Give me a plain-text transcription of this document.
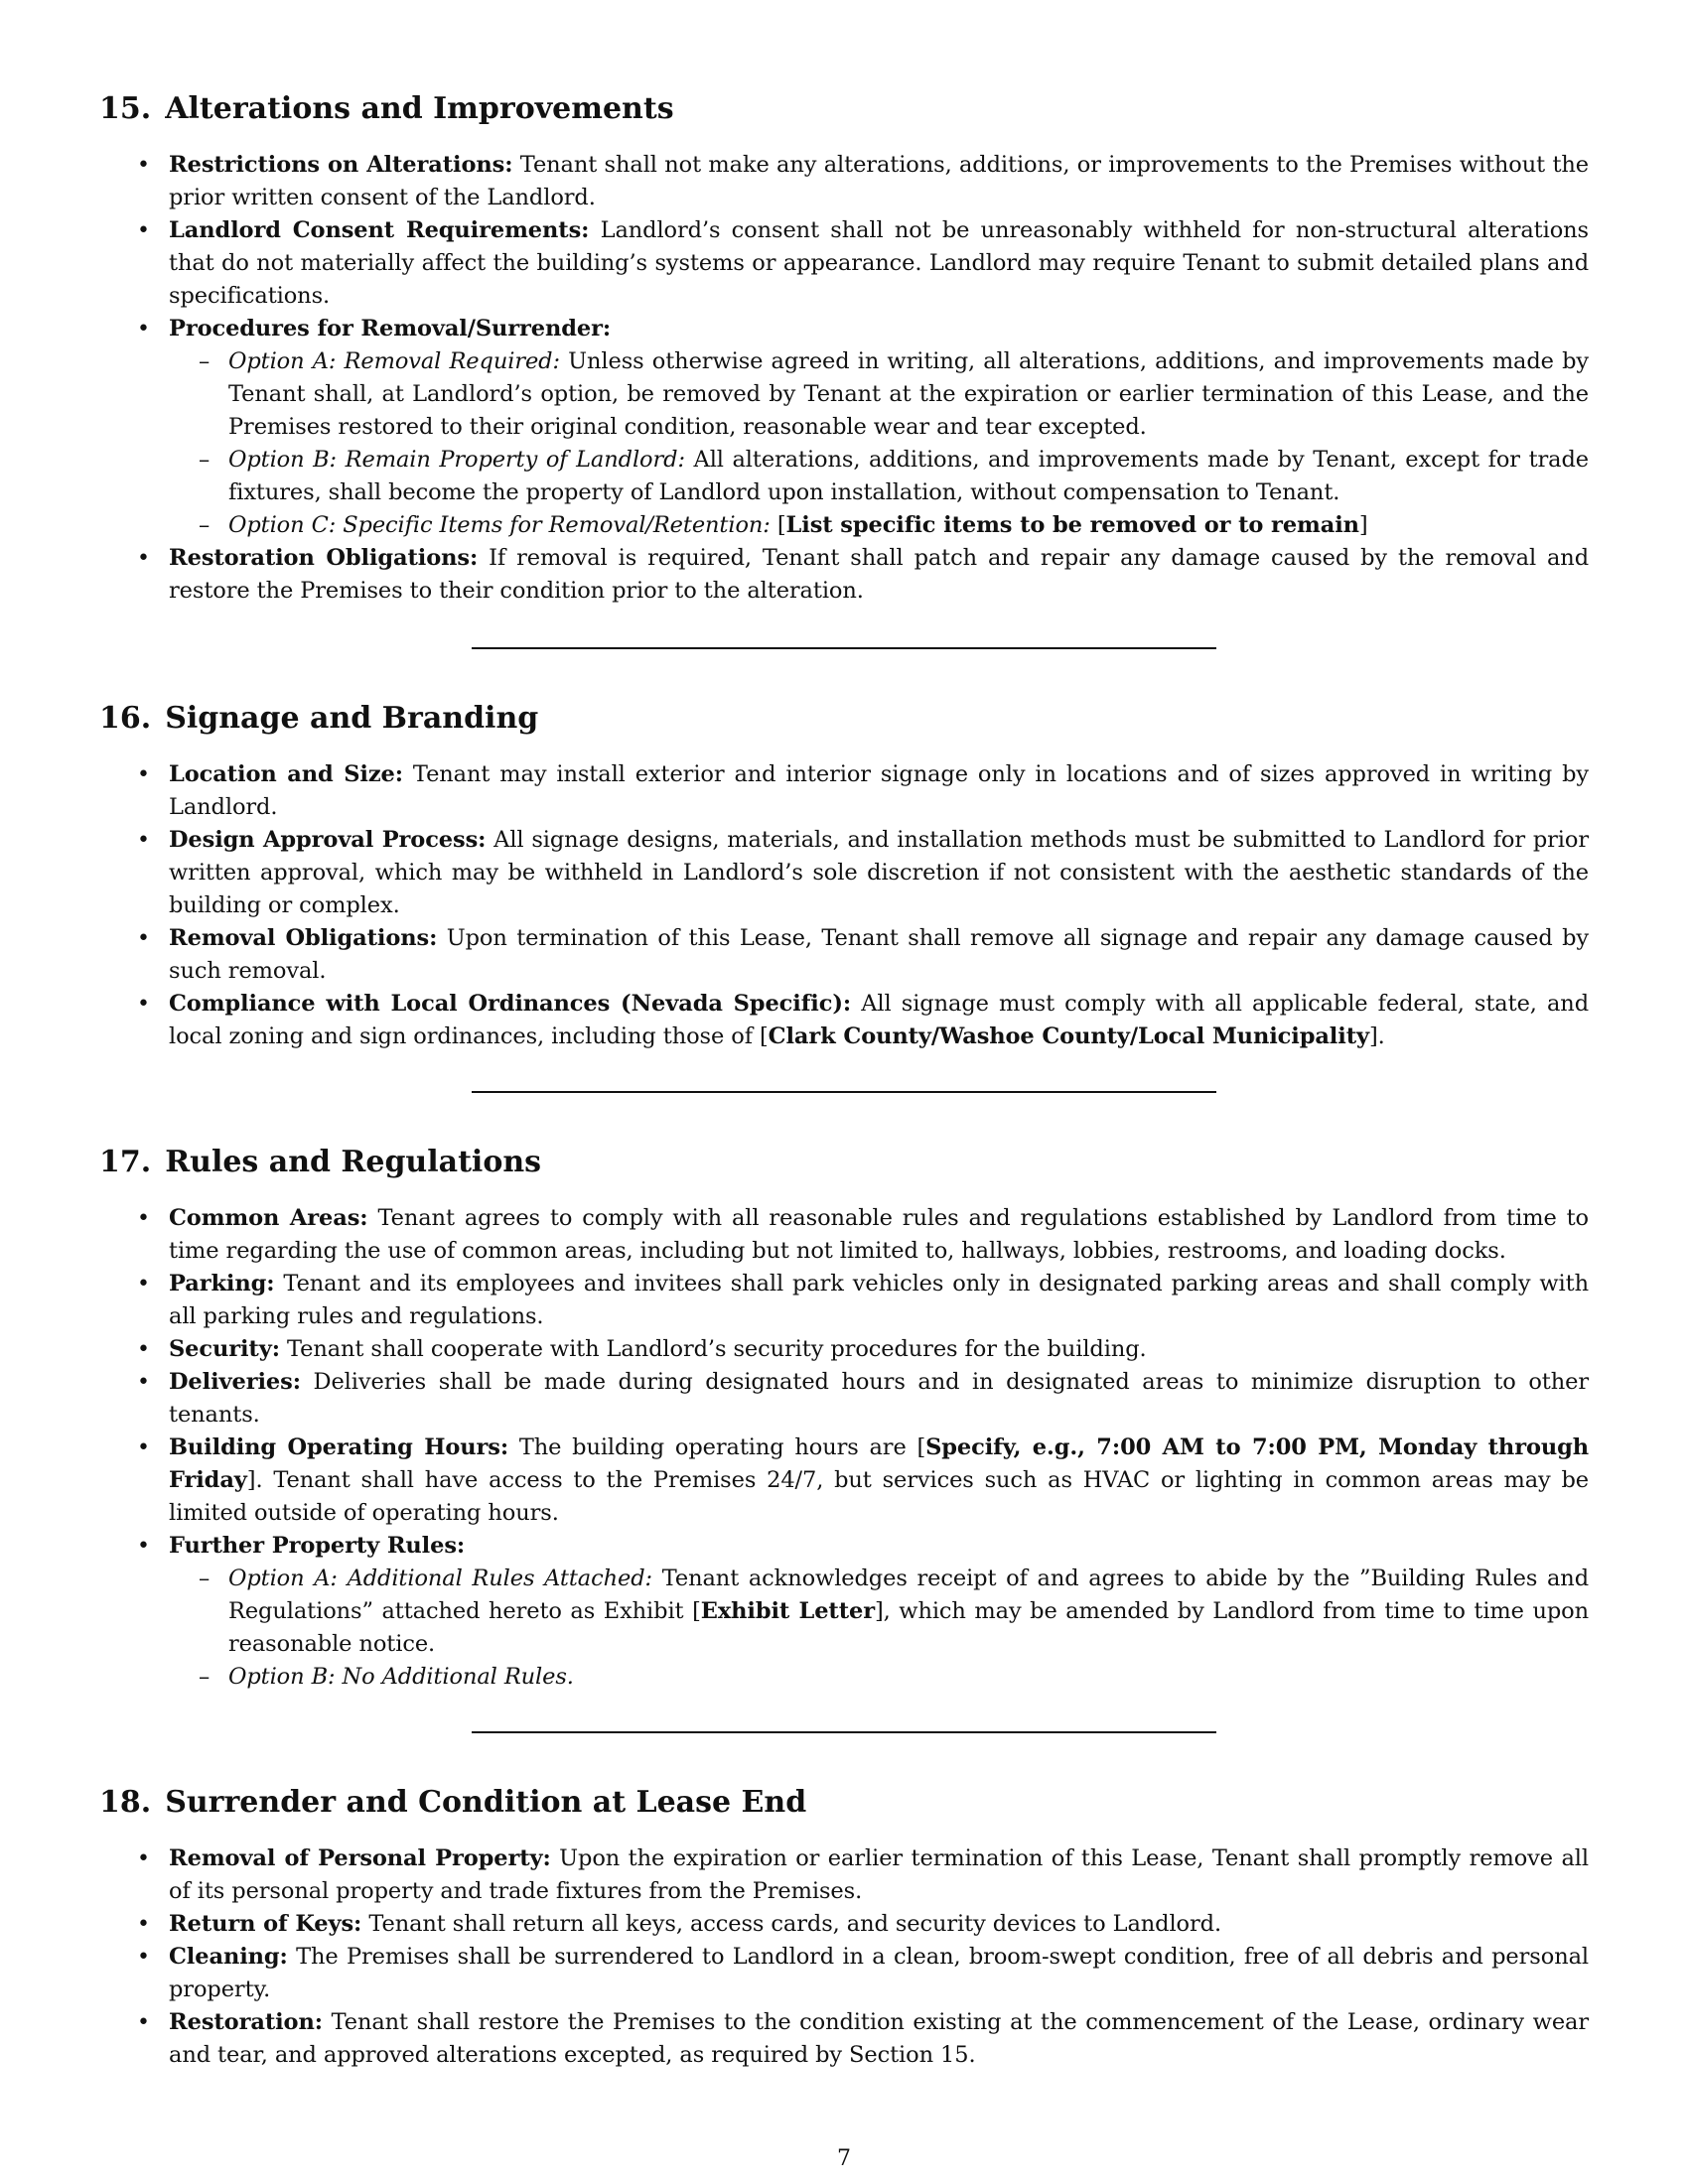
15. Alterations and Improvements
• Restrictions on Alterations: Tenant shall not make any alterations, additions, or improvements to the Premises without the prior written consent of the Landlord.
• Landlord Consent Requirements: Landlord’s consent shall not be unreasonably withheld for non-structural alterations that do not materially affect the building’s systems or appearance. Landlord may require Tenant to submit detailed plans and specifications.
• Procedures for Removal/Surrender:
– Option A: Removal Required: Unless otherwise agreed in writing, all alterations, additions, and improvements made by Tenant shall, at Landlord’s option, be removed by Tenant at the expiration or earlier termination of this Lease, and the Premises restored to their original condition, reasonable wear and tear excepted.
– Option B: Remain Property of Landlord: All alterations, additions, and improvements made by Tenant, except for trade fixtures, shall become the property of Landlord upon installation, without compensation to Tenant.
– Option C: Specific Items for Removal/Retention: [List specific items to be removed or to remain]
• Restoration Obligations: If removal is required, Tenant shall patch and repair any damage caused by the removal and restore the Premises to their condition prior to the alteration.
16. Signage and Branding
• Location and Size: Tenant may install exterior and interior signage only in locations and of sizes approved in writing by Landlord.
• Design Approval Process: All signage designs, materials, and installation methods must be submitted to Landlord for prior written approval, which may be withheld in Landlord’s sole discretion if not consistent with the aesthetic standards of the building or complex.
• Removal Obligations: Upon termination of this Lease, Tenant shall remove all signage and repair any damage caused by such removal.
• Compliance with Local Ordinances (Nevada Specific): All signage must comply with all applicable federal, state, and local zoning and sign ordinances, including those of [Clark County/Washoe County/Local Municipality].
17. Rules and Regulations
• Common Areas: Tenant agrees to comply with all reasonable rules and regulations established by Landlord from time to time regarding the use of common areas, including but not limited to, hallways, lobbies, restrooms, and loading docks.
• Parking: Tenant and its employees and invitees shall park vehicles only in designated parking areas and shall comply with all parking rules and regulations.
• Security: Tenant shall cooperate with Landlord’s security procedures for the building.
• Deliveries: Deliveries shall be made during designated hours and in designated areas to minimize disruption to other tenants.
• Building Operating Hours: The building operating hours are [Specify, e.g., 7:00 AM to 7:00 PM, Monday through Friday]. Tenant shall have access to the Premises 24/7, but services such as HVAC or lighting in common areas may be limited outside of operating hours.
• Further Property Rules:
– Option A: Additional Rules Attached: Tenant acknowledges receipt of and agrees to abide by the ”Building Rules and Regulations” attached hereto as Exhibit [Exhibit Letter], which may be amended by Landlord from time to time upon reasonable notice.
– Option B: No Additional Rules.
18. Surrender and Condition at Lease End
• Removal of Personal Property: Upon the expiration or earlier termination of this Lease, Tenant shall promptly remove all of its personal property and trade fixtures from the Premises.
• Return of Keys: Tenant shall return all keys, access cards, and security devices to Landlord.
• Cleaning: The Premises shall be surrendered to Landlord in a clean, broom-swept condition, free of all debris and personal property.
• Restoration: Tenant shall restore the Premises to the condition existing at the commencement of the Lease, ordinary wear and tear, and approved alterations excepted, as required by Section 15.
7
